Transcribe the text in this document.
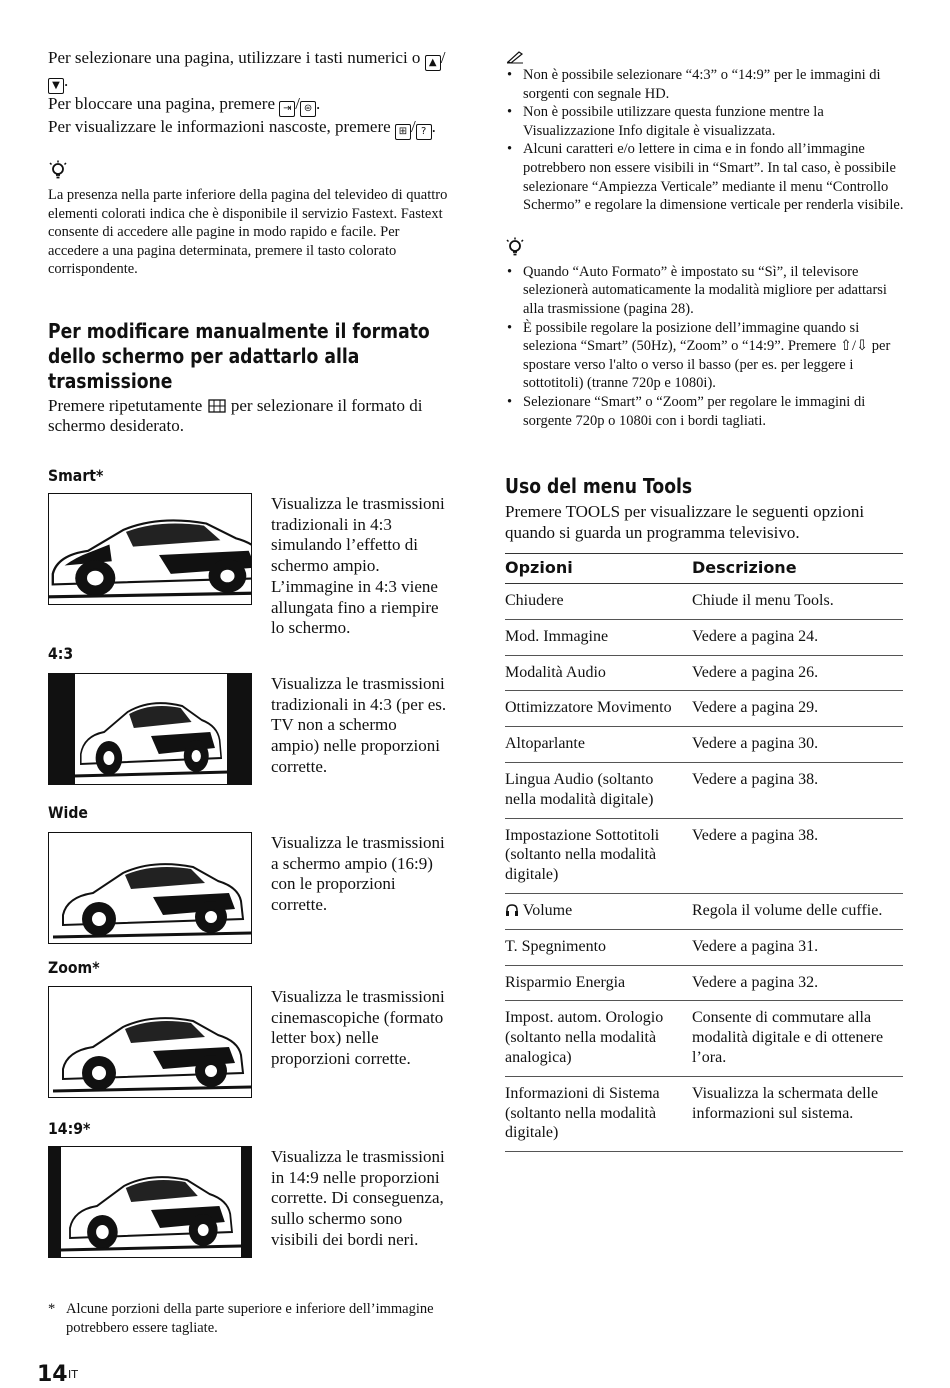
Per selezionare una pagina, utilizzare i tasti numerici o ▲ /▼ .

Per bloccare una pagina, premere ⇥ / ⊜ .

Per visualizzare le informazioni nascoste, premere ⊞ / ? .

La presenza nella parte inferiore della pagina del televideo di quattro elementi colorati indica che è disponibile il servizio Fastext. Fastext consente di accedere alle pagine in modo rapido e facile. Per accedere a una pagina determinata, premere il tasto colorato corrispondente.

Per modificare manualmente il formato dello schermo per adattarlo alla trasmissione

Premere ripetutamente per selezionare il formato di schermo desiderato.

Smart*

Visualizza le trasmissioni tradizionali in 4:3 simulando l’effetto di schermo ampio. L’immagine in 4:3 viene allungata fino a riempire lo schermo.

4:3

Visualizza le trasmissioni tradizionali in 4:3 (per es. TV non a schermo ampio) nelle proporzioni corrette.

Wide

Visualizza le trasmissioni a schermo ampio (16:9) con le proporzioni corrette.

Zoom*

Visualizza le trasmissioni cinemascopiche (formato letter box) nelle proporzioni corrette.

14:9*

Visualizza le trasmissioni in 14:9 nelle proporzioni corrette. Di conseguenza, sullo schermo sono visibili dei bordi neri.

* Alcune porzioni della parte superiore e inferiore dell’immagine potrebbero essere tagliate.
• Non è possibile selezionare “4:3” o “14:9” per le immagini di sorgenti con segnale HD.
• Non è possibile utilizzare questa funzione mentre la Visualizzazione Info digitale è visualizzata.
• Alcuni caratteri e/o lettere in cima e in fondo all’immagine potrebbero non essere visibili in “Smart”. In tal caso, è possibile selezionare “Ampiezza Verticale” mediante il menu “Controllo Schermo” e regolare la dimensione verticale per renderla visibile.
• Quando “Auto Formato” è impostato su “Sì”, il televisore selezionerà automaticamente la modalità migliore per adattarsi alla trasmissione (pagina 28).
• È possibile regolare la posizione dell’immagine quando si seleziona “Smart” (50Hz), “Zoom” o “14:9”. Premere ⇧/⇩ per spostare verso l'alto o verso il basso (per es. per leggere i sottotitoli) (tranne 720p e 1080i).
• Selezionare “Smart” o “Zoom” per regolare le immagini di sorgente 720p o 1080i con i bordi tagliati.
Uso del menu Tools

Premere TOOLS per visualizzare le seguenti opzioni quando si guarda un programma televisivo.

Opzioni	Descrizione
Chiudere	Chiude il menu Tools.
Mod. Immagine	Vedere a pagina 24.
Modalità Audio	Vedere a pagina 26.
Ottimizzatore Movimento	Vedere a pagina 29.
Altoparlante	Vedere a pagina 30.
Lingua Audio (soltanto nella modalità digitale)	Vedere a pagina 38.
Impostazione Sottotitoli (soltanto nella modalità digitale)	Vedere a pagina 38.
Volume	Regola il volume delle cuffie.
T. Spegnimento	Vedere a pagina 31.
Risparmio Energia	Vedere a pagina 32.
Impost. autom. Orologio (soltanto nella modalità analogica)	Consente di commutare alla modalità digitale e di ottenere l’ora.
Informazioni di Sistema (soltanto nella modalità digitale)	Visualizza la schermata delle informazioni sul sistema.
14 IT
